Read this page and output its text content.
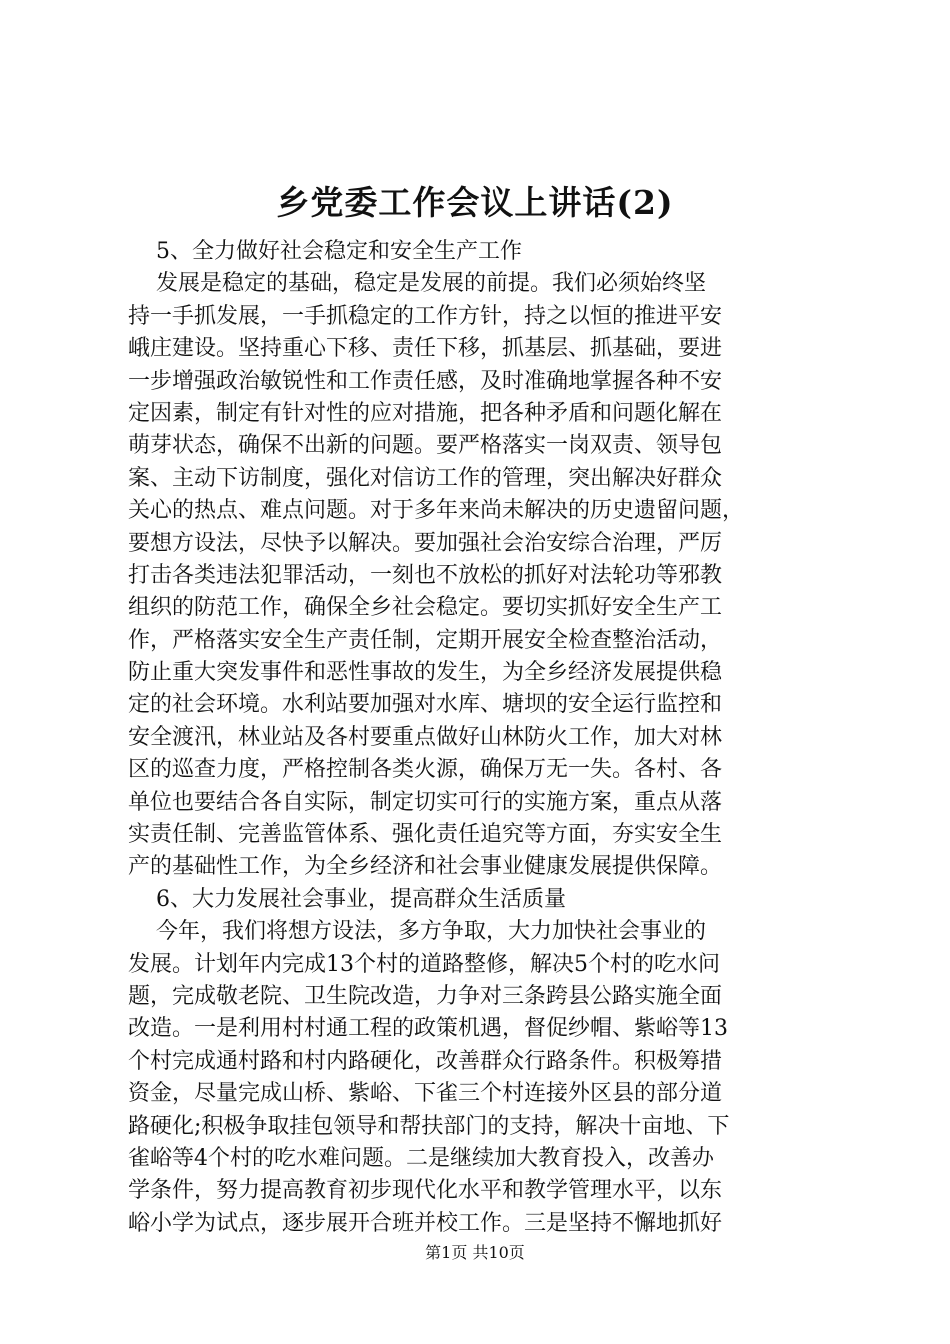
乡党委工作会议上讲话(2)
5、全力做好社会稳定和安全生产工作
发展是稳定的基础，稳定是发展的前提。我们必须始终坚
持一手抓发展，一手抓稳定的工作方针，持之以恒的推进平安
峨庄建设。坚持重心下移、责任下移，抓基层、抓基础，要进
一步增强政治敏锐性和工作责任感，及时准确地掌握各种不安
定因素，制定有针对性的应对措施，把各种矛盾和问题化解在
萌芽状态，确保不出新的问题。要严格落实一岗双责、领导包
案、主动下访制度，强化对信访工作的管理，突出解决好群众
关心的热点、难点问题。对于多年来尚未解决的历史遗留问题，
要想方设法，尽快予以解决。要加强社会治安综合治理，严厉
打击各类违法犯罪活动，一刻也不放松的抓好对法轮功等邪教
组织的防范工作，确保全乡社会稳定。要切实抓好安全生产工
作，严格落实安全生产责任制，定期开展安全检查整治活动，
防止重大突发事件和恶性事故的发生，为全乡经济发展提供稳
定的社会环境。水利站要加强对水库、塘坝的安全运行监控和
安全渡汛，林业站及各村要重点做好山林防火工作，加大对林
区的巡查力度，严格控制各类火源，确保万无一失。各村、各
单位也要结合各自实际，制定切实可行的实施方案，重点从落
实责任制、完善监管体系、强化责任追究等方面，夯实安全生
产的基础性工作，为全乡经济和社会事业健康发展提供保障。
6、大力发展社会事业，提高群众生活质量
今年，我们将想方设法，多方争取，大力加快社会事业的
发展。计划年内完成13个村的道路整修，解决5个村的吃水问
题，完成敬老院、卫生院改造，力争对三条跨县公路实施全面
改造。一是利用村村通工程的政策机遇，督促纱帽、紫峪等13
个村完成通村路和村内路硬化，改善群众行路条件。积极筹措
资金，尽量完成山桥、紫峪、下雀三个村连接外区县的部分道
路硬化;积极争取挂包领导和帮扶部门的支持，解决十亩地、下
雀峪等4个村的吃水难问题。二是继续加大教育投入，改善办
学条件，努力提高教育初步现代化水平和教学管理水平，以东
峪小学为试点，逐步展开合班并校工作。三是坚持不懈地抓好
第1页 共10页
